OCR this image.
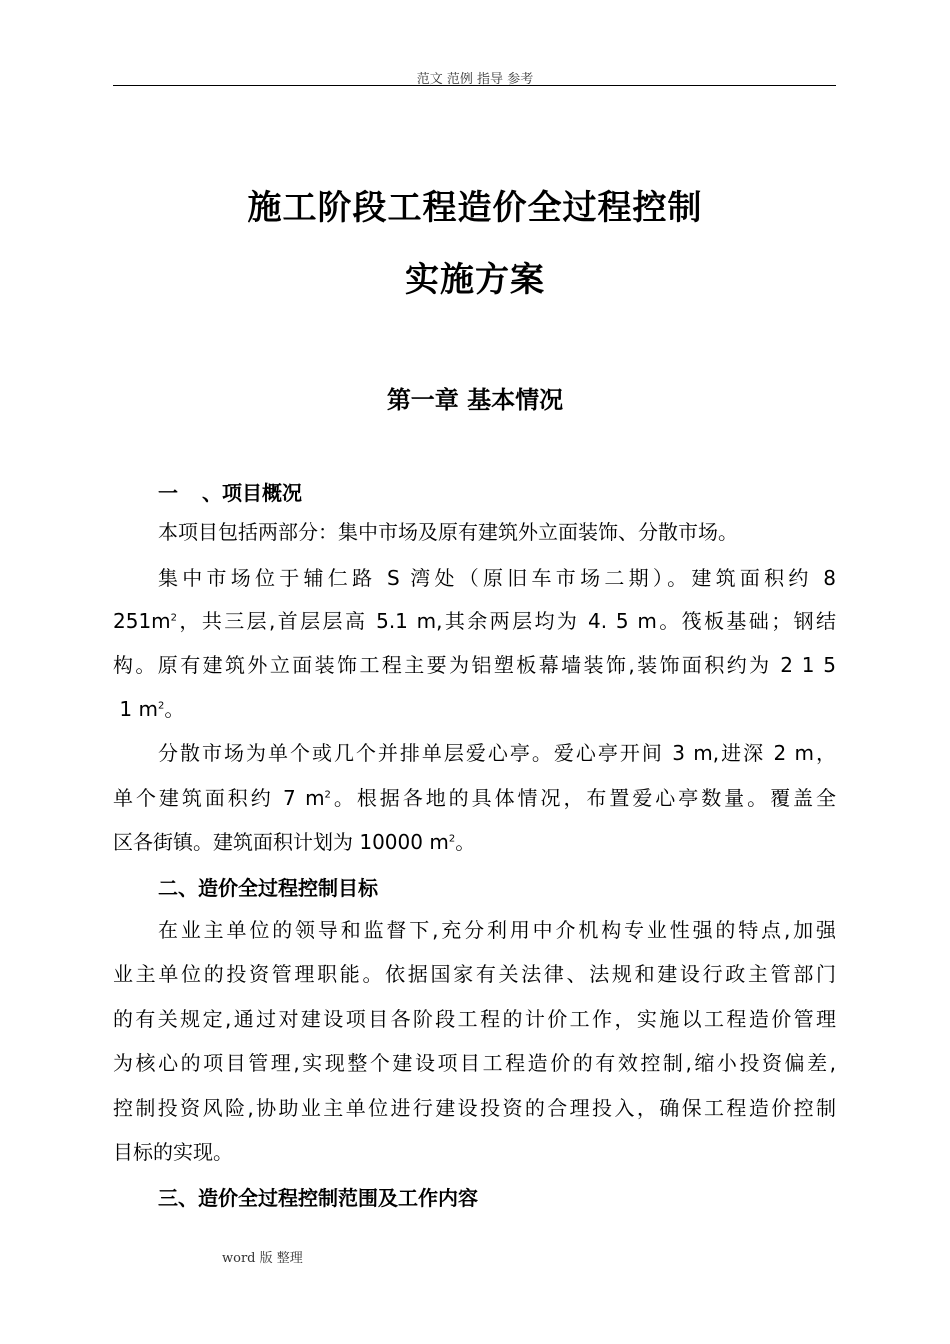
范文 范例 指导 参考
施工阶段工程造价全过程控制
实施方案
第一章 基本情况
一 、项目概况
本项目包括两部分：集中市场及原有建筑外立面装饰、分散市场。
集中市场位于辅仁路 S 湾处（原旧车市场二期）。建筑面积约 8
$251m^2$，共三层,首层层高 5.1 m,其余两层均为 4. 5 m。筏板基础；钢结
构。原有建筑外立面装饰工程主要为铝塑板幕墙装饰,装饰面积约为 2 1 5
1 $m^2$。
分散市场为单个或几个并排单层爱心亭。爱心亭开间 3 m,进深 2 m，
单个建筑面积约 7 $m^2$。根据各地的具体情况，布置爱心亭数量。覆盖全
区各街镇。建筑面积计划为 10000 $m^2$。
二、造价全过程控制目标
在业主单位的领导和监督下,充分利用中介机构专业性强的特点,加强
业主单位的投资管理职能。依据国家有关法律、法规和建设行政主管部门
的有关规定,通过对建设项目各阶段工程的计价工作，实施以工程造价管理
为核心的项目管理,实现整个建设项目工程造价的有效控制,缩小投资偏差,
控制投资风险,协助业主单位进行建设投资的合理投入，确保工程造价控制
目标的实现。
三、造价全过程控制范围及工作内容
word 版 整理
